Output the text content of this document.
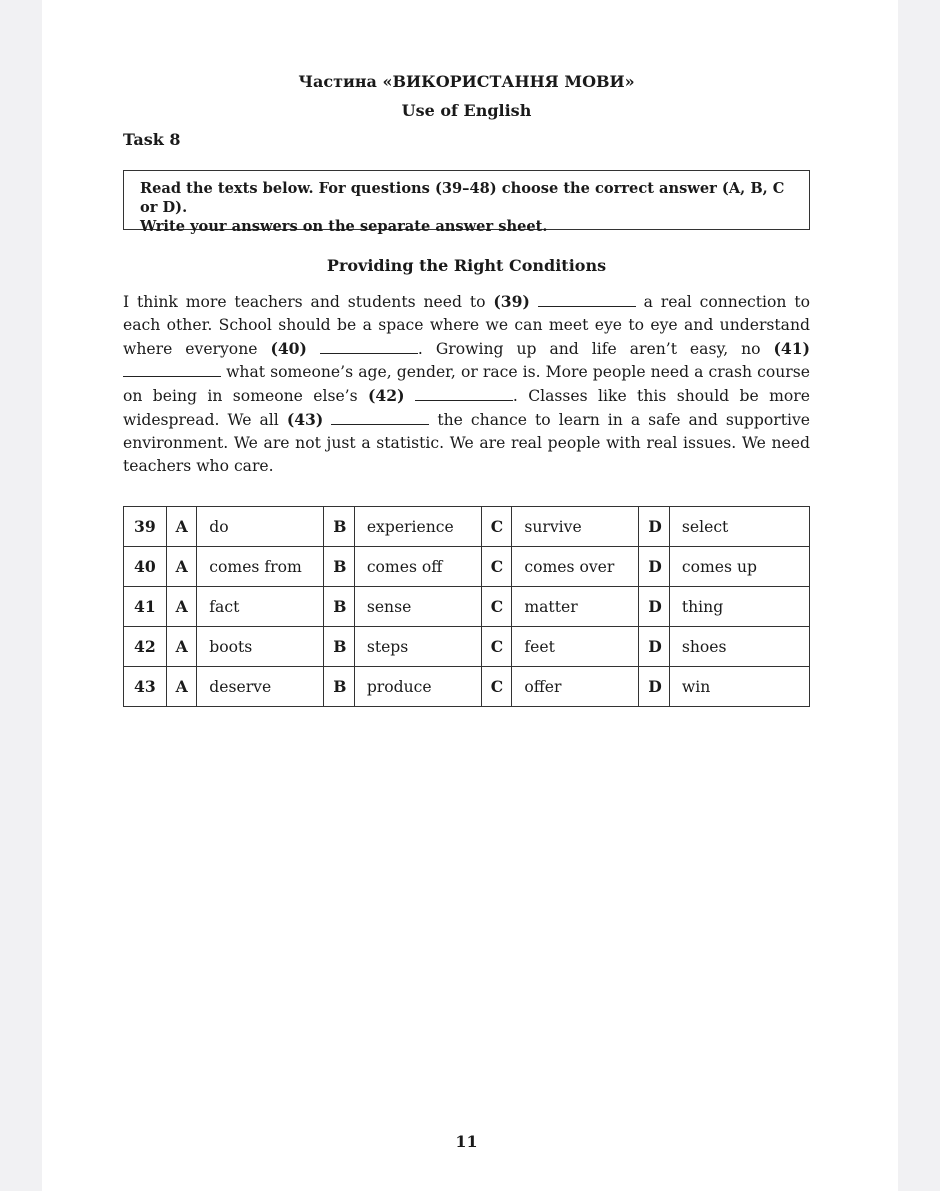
Частина «ВИКОРИСТАННЯ МОВИ»
Use of English
Task 8
Read the texts below. For questions (39–48) choose the correct answer (A, B, C or D).
Write your answers on the separate answer sheet.
Providing the Right Conditions
I think more teachers and students need to (39)	a real connection to each other. School should be a space where we can meet eye to eye and understand where everyone (40)	. Growing up and life aren’t easy, no (41)  what someone’s age, gender, or race is. More people need a crash course on being in someone else’s (42)	. Classes like this should be more widespread. We all (43)	the chance to learn in a safe and supportive environment. We are not just a statistic. We are real people with real issues. We need teachers who care.
39	A	do	B	experience	C	survive	D	select
40	A	comes from	B	comes off	C	comes over	D	comes up
41	A	fact	B	sense	C	matter	D	thing
42	A	boots	B	steps	C	feet	D	shoes
43	A	deserve	B	produce	C	offer	D	win
11
